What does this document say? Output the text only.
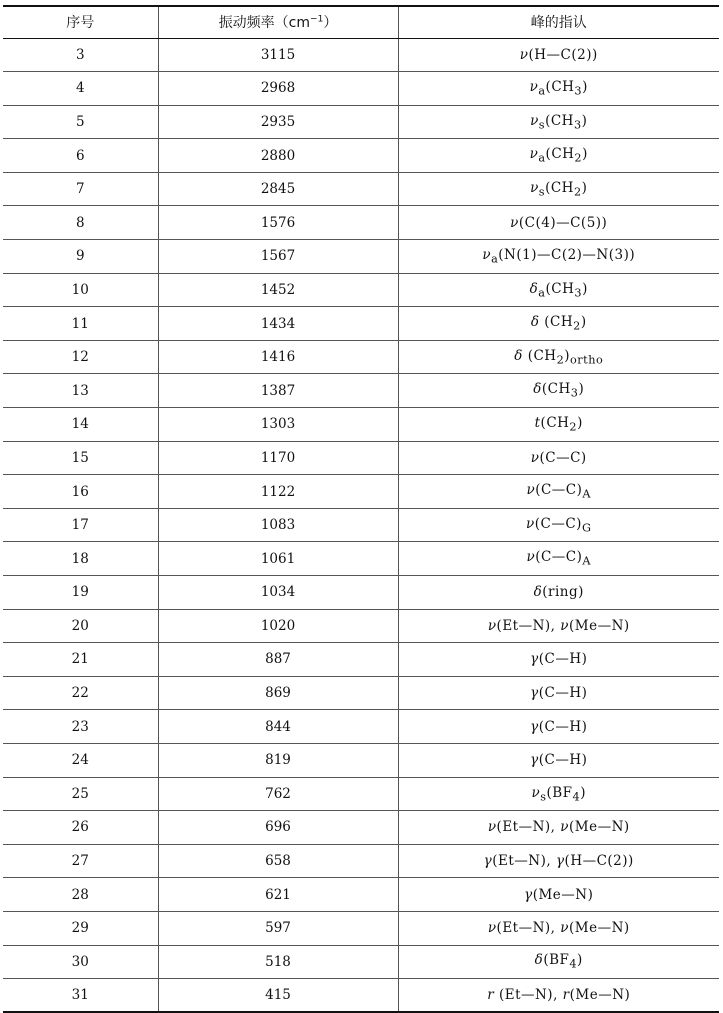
序号	振动频率$(cm^{-1})$	峰的指认
3	3115	ν(H—C(2))
4	2968	$\nu_a(CH_3)$
5	2935	$\nu_s(CH_3)$
6	2880	$\nu_a(CH_2)$
7	2845	$\nu_s(CH_2)$
8	1576	ν(C(4)—C(5))
9	1567	$\nu_a(N(1)—C(2)—N(3))$
10	1452	$\delta_a(CH_3)$
11	1434	δ $(CH_2)$
12	1416	δ $(CH_2)_{ortho}$
13	1387	$\delta(CH_3)$
14	1303	$t(CH_2)$
15	1170	ν(C—C)
16	1122	$\nu(C—C)_A$
17	1083	$\nu(C—C)_G$
18	1061	$\nu(C—C)_A$
19	1034	δ(ring)
20	1020	ν(Et—N), ν(Me—N)
21	887	γ(C—H)
22	869	γ(C—H)
23	844	γ(C—H)
24	819	γ(C—H)
25	762	$\nu_s(BF_4)$
26	696	ν(Et—N), ν(Me—N)
27	658	γ(Et—N), γ(H—C(2))
28	621	γ(Me—N)
29	597	ν(Et—N), ν(Me—N)
30	518	$\delta(BF_4)$
31	415	r (Et—N), r(Me—N)
